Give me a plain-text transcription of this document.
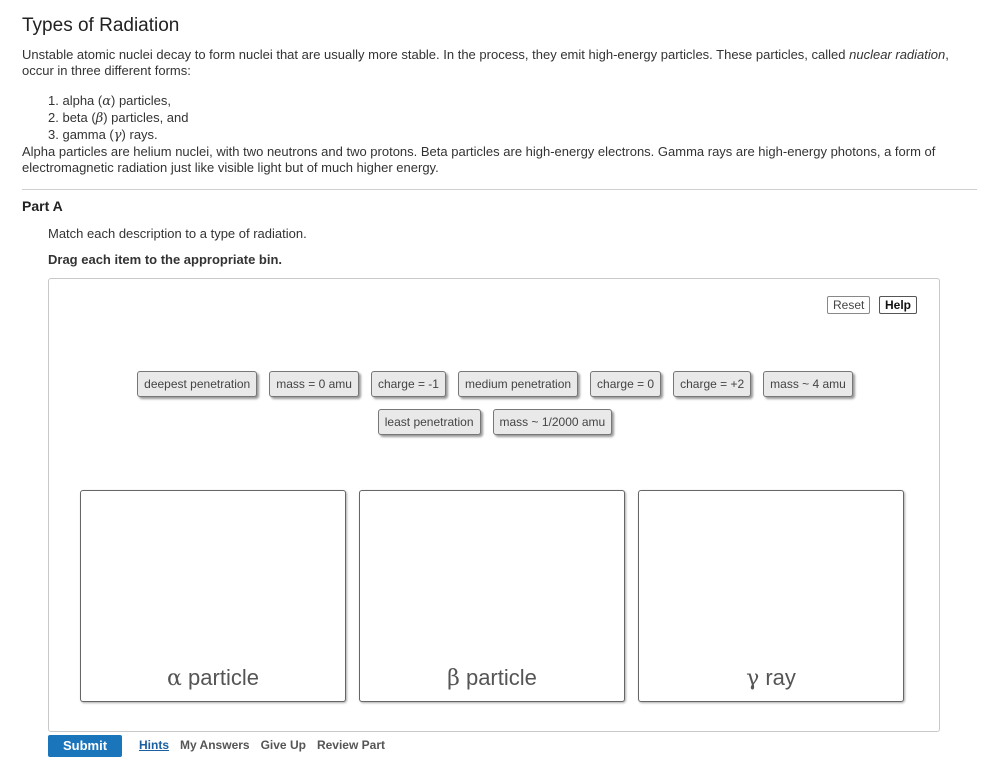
Types of Radiation

Unstable atomic nuclei decay to form nuclei that are usually more stable. In the process, they emit high-energy particles. These particles, called nuclear radiation, occur in three different forms:

1. alpha (α) particles,
2. beta (β) particles, and
3. gamma (γ) rays.

Alpha particles are helium nuclei, with two neutrons and two protons. Beta particles are high-energy electrons. Gamma rays are high-energy photons, a form of electromagnetic radiation just like visible light but of much higher energy.

Part A
Match each description to a type of radiation.
Drag each item to the appropriate bin.
Reset	Help
deepest penetration	mass = 0 amu	charge = -1	medium penetration	charge = 0	charge = +2	mass ~ 4 amu
least penetration	mass ~ 1/2000 amu
α particle	β particle	γ ray
Submit	Hints My Answers Give Up Review Part
